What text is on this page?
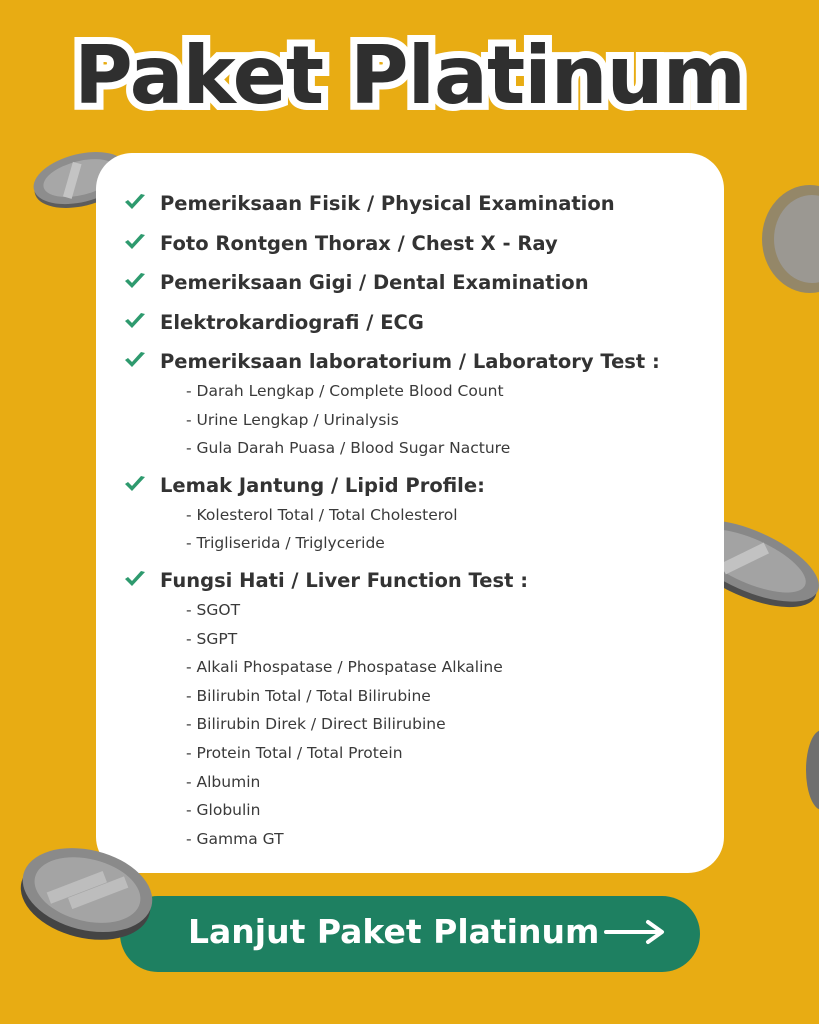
Paket Platinum
Pemeriksaan Fisik / Physical Examination
Foto Rontgen Thorax / Chest X - Ray
Pemeriksaan Gigi / Dental Examination
Elektrokardiografi / ECG
Pemeriksaan laboratorium / Laboratory Test :
- Darah Lengkap / Complete Blood Count
- Urine Lengkap / Urinalysis
- Gula Darah Puasa / Blood Sugar Nacture
Lemak Jantung / Lipid Profile:
- Kolesterol Total / Total Cholesterol
- Trigliserida / Triglyceride
Fungsi Hati / Liver Function Test :
- SGOT
- SGPT
- Alkali Phospatase / Phospatase Alkaline
- Bilirubin Total / Total Bilirubine
- Bilirubin Direk / Direct Bilirubine
- Protein Total / Total Protein
- Albumin
- Globulin
- Gamma GT
Lanjut Paket Platinum
